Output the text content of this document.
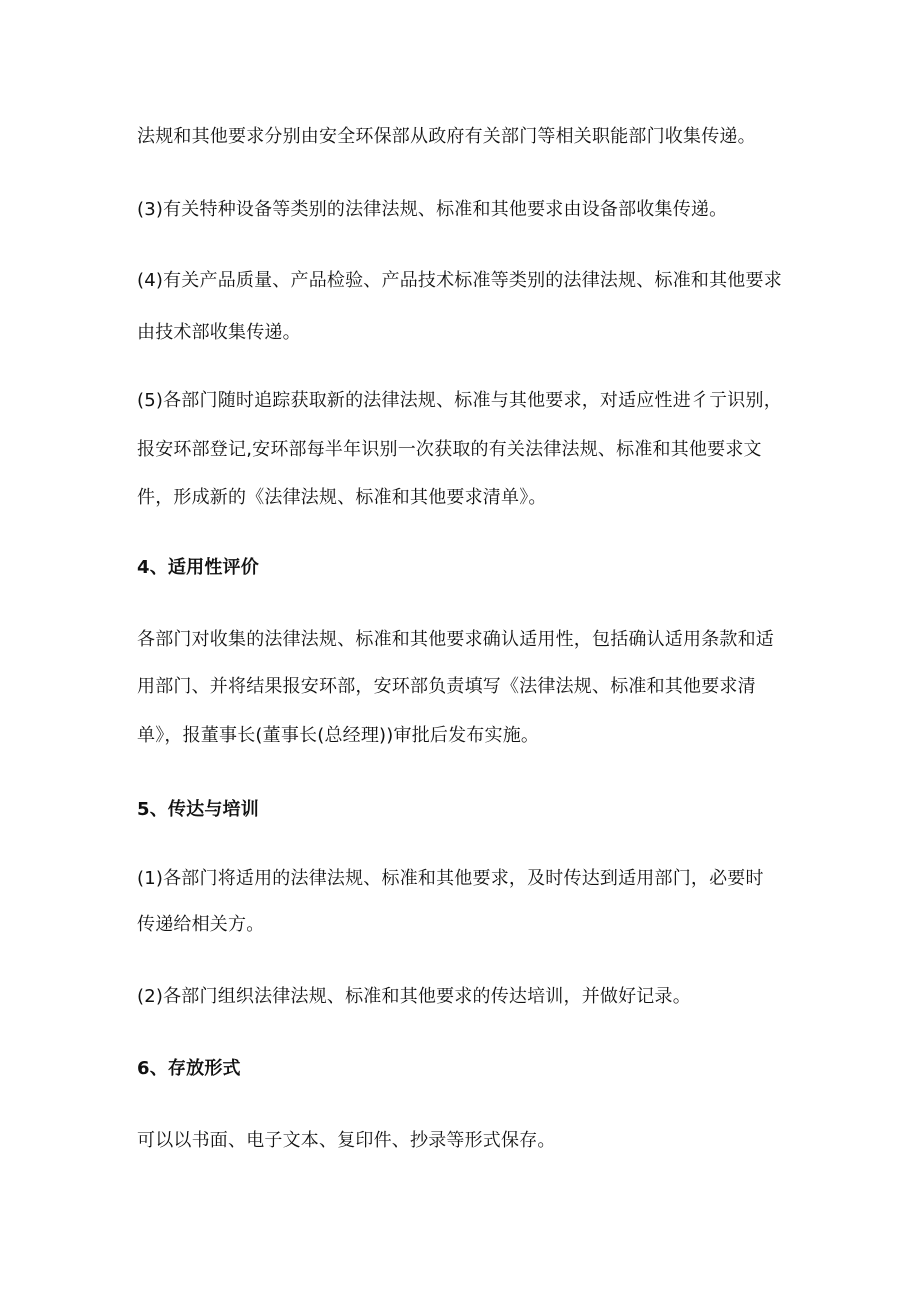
法规和其他要求分别由安全环保部从政府有关部门等相关职能部门收集传递。

(3)有关特种设备等类别的法律法规、标准和其他要求由设备部收集传递。

(4)有关产品质量、产品检验、产品技术标准等类别的法律法规、标准和其他要求

由技术部收集传递。

(5)各部门随时追踪获取新的法律法规、标准与其他要求，对适应性进彳亍识别，

报安环部登记,安环部每半年识别一次获取的有关法律法规、标准和其他要求文

件，形成新的《法律法规、标准和其他要求清单》。

4、适用性评价

各部门对收集的法律法规、标准和其他要求确认适用性，包括确认适用条款和适

用部门、并将结果报安环部，安环部负责填写《法律法规、标准和其他要求清

单》，报董事长(董事长(总经理))审批后发布实施。

5、传达与培训

(1)各部门将适用的法律法规、标准和其他要求，及时传达到适用部门，必要时

传递给相关方。

(2)各部门组织法律法规、标准和其他要求的传达培训，并做好记录。

6、存放形式

可以以书面、电子文本、复印件、抄录等形式保存。
